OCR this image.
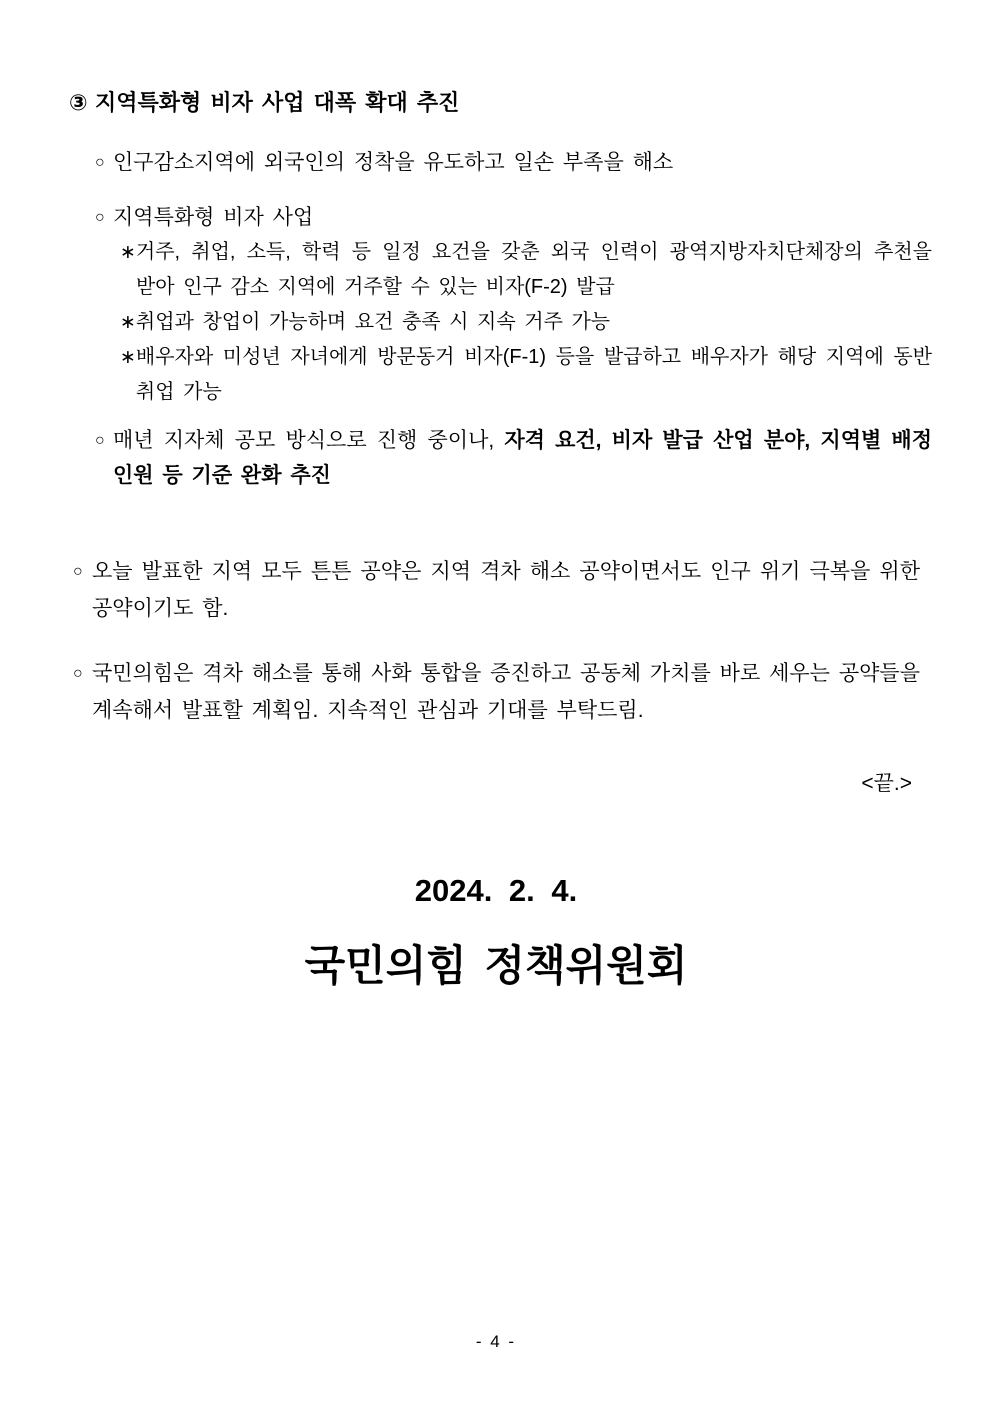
③ 지역특화형 비자 사업 대폭 확대 추진
○ 인구감소지역에 외국인의 정착을 유도하고 일손 부족을 해소
○ 지역특화형 비자 사업
∗ 거주, 취업, 소득, 학력 등 일정 요건을 갖춘 외국 인력이 광역지방자치단체장의 추천을 받아 인구 감소 지역에 거주할 수 있는 비자(F-2) 발급
∗ 취업과 창업이 가능하며 요건 충족 시 지속 거주 가능
∗ 배우자와 미성년 자녀에게 방문동거 비자(F-1) 등을 발급하고 배우자가 해당 지역에 동반 취업 가능
○ 매년 지자체 공모 방식으로 진행 중이나, 자격 요건, 비자 발급 산업 분야, 지역별 배정 인원 등 기준 완화 추진
○ 오늘 발표한 지역 모두 튼튼 공약은 지역 격차 해소 공약이면서도 인구 위기 극복을 위한 공약이기도 함.
○ 국민의힘은 격차 해소를 통해 사화 통합을 증진하고 공동체 가치를 바로 세우는 공약들을 계속해서 발표할 계획임. 지속적인 관심과 기대를 부탁드림.
<끝.>
2024. 2. 4.
국민의힘 정책위원회
- 4 -
